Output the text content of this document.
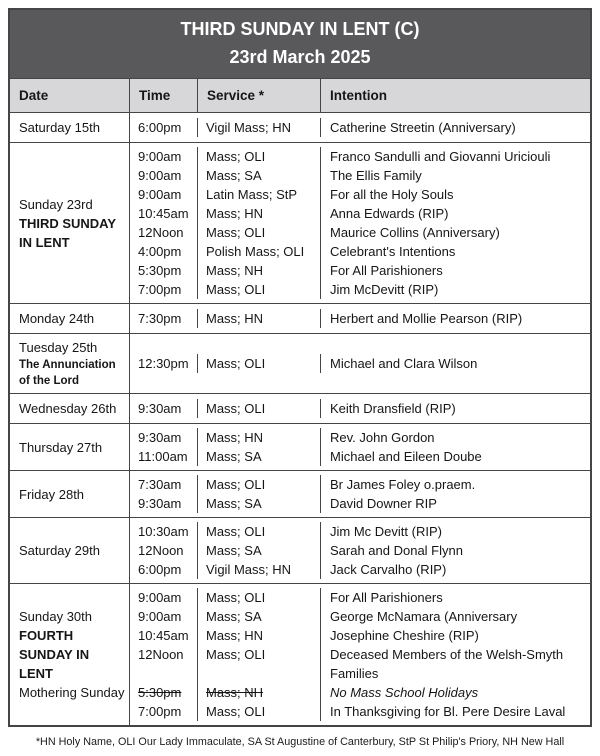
THIRD SUNDAY IN LENT (C)
23rd March 2025
Date	Time	Service *	Intention
Saturday 15th	6:00pm	Vigil Mass; HN	Catherine Streetin (Anniversary)
Sunday 23rd
THIRD SUNDAY IN LENT
9:00am	Mass; OLI	Franco Sandulli and Giovanni Uriciouli
9:00am	Mass; SA	The Ellis Family
9:00am	Latin Mass; StP	For all the Holy Souls
10:45am	Mass; HN	Anna Edwards (RIP)
12Noon	Mass; OLI	Maurice Collins (Anniversary)
4:00pm	Polish Mass; OLI	Celebrant's Intentions
5:30pm	Mass; NH	For All Parishioners
7:00pm	Mass; OLI	Jim McDevitt (RIP)
Monday 24th	7:30pm	Mass; HN	Herbert and Mollie Pearson (RIP)
Tuesday 25th
The Annunciation of the Lord
12:30pm	Mass; OLI	Michael and Clara Wilson
Wednesday 26th	9:30am	Mass; OLI	Keith Dransfield (RIP)
Thursday 27th
9:30am	Mass; HN	Rev. John Gordon
11:00am	Mass; SA	Michael and Eileen Doube
Friday 28th
7:30am	Mass; OLI	Br James Foley o.praem.
9:30am	Mass; SA	David Downer RIP
Saturday 29th
10:30am	Mass; OLI	Jim Mc Devitt (RIP)
12Noon	Mass; SA	Sarah and Donal Flynn
6:00pm	Vigil Mass; HN	Jack Carvalho (RIP)
Sunday 30th
FOURTH SUNDAY IN LENT
Mothering Sunday
9:00am	Mass; OLI	For All Parishioners
9:00am	Mass; SA	George McNamara (Anniversary
10:45am	Mass; HN	Josephine Cheshire (RIP)
12Noon	Mass; OLI	Deceased Members of the Welsh-Smyth Families
5:30pm	Mass; NH	No Mass School Holidays
7:00pm	Mass; OLI	In Thanksgiving for Bl. Pere Desire Laval
*HN Holy Name, OLI Our Lady Immaculate, SA St Augustine of Canterbury, StP St Philip's Priory, NH New Hall
